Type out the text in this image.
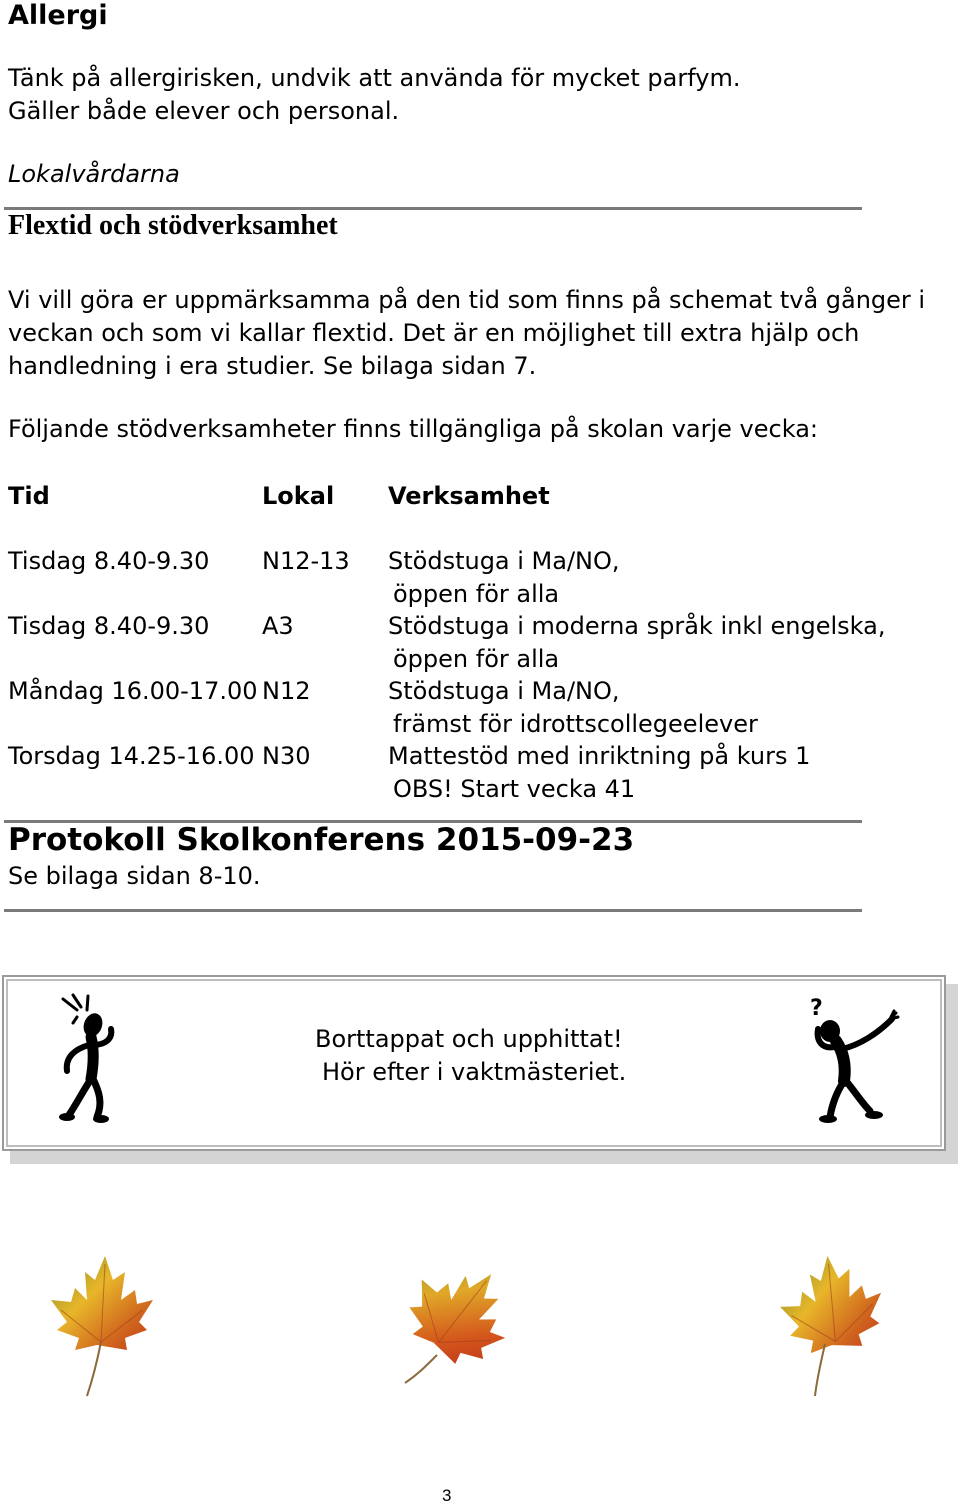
Allergi
Tänk på allergirisken, undvik att använda för mycket parfym.
Gäller både elever och personal.
Lokalvårdarna
Flextid och stödverksamhet
Vi vill göra er uppmärksamma på den tid som finns på schemat två gånger i
veckan och som vi kallar flextid. Det är en möjlighet till extra hjälp och
handledning i era studier. Se bilaga sidan 7.
Följande stödverksamheter finns tillgängliga på skolan varje vecka:
Tid	Lokal Verksamhet
Tisdag 8.40-9.30 N12-13 Stödstuga i Ma/NO,
öppen för alla
Tisdag 8.40-9.30 A3	Stödstuga i moderna språk inkl engelska,
öppen för alla
Måndag 16.00-17.00 N12	Stödstuga i Ma/NO,
främst för idrottscollegeelever
Torsdag 14.25-16.00 N30	Mattestöd med inriktning på kurs 1
OBS! Start vecka 41
Protokoll Skolkonferens 2015-09-23
Se bilaga sidan 8-10.
Borttappat och upphittat!
Hör efter i vaktmästeriet.
?
3
